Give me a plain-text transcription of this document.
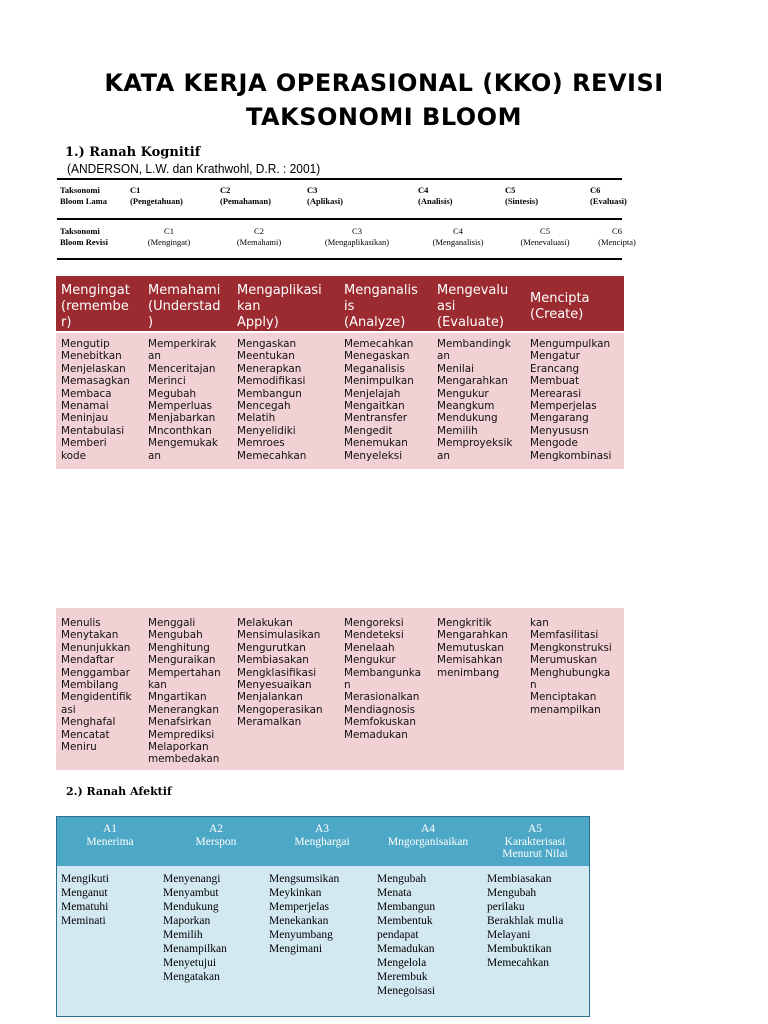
KATA KERJA OPERASIONAL (KKO) REVISI
TAKSONOMI BLOOM
1.) Ranah Kognitif
(ANDERSON, L.W. dan Krathwohl, D.R. : 2001)
Taksonomi
Bloom Lama
C1
(Pengetahuan)
C2
(Pemahaman)
C3
(Aplikasi)
C4
(Analisis)
C5
(Sintesis)
C6
(Evaluasi)
Taksonomi
Bloom Revisi
C1
(Mengingat)
C2
(Memahami)
C3
(Mengaplikasikan)
C4
(Menganalisis)
C5
(Menevaluasi)
C6
(Mencipta)
Mengingat
(remembe
r)
Memahami
(Understad
)
Mengaplikasi
kan
Apply)
Menganalis
is
(Analyze)
Mengevalu
asi
(Evaluate)
Mencipta
(Create)
Mengutip
Menebitkan
Menjelaskan
Memasagkan
Membaca
Menamai
Meninjau
Mentabulasi
Memberi
kode
Memperkirak
an
Menceritajan
Merinci
Megubah
Memperluas
Menjabarkan
Mnconthkan
Mengemukak
an
Mengaskan
Meentukan
Menerapkan
Memodifikasi
Membangun
Mencegah
Melatih
Menyelidiki
Memroes
Memecahkan
Memecahkan
Menegaskan
Meganalisis
Menimpulkan
Menjelajah
Mengaitkan
Mentransfer
Mengedit
Menemukan
Menyeleksi
Membandingk
an
Menilai
Mengarahkan
Mengukur
Meangkum
Mendukung
Memilih
Memproyeksik
an
Mengumpulkan
Mengatur
Erancang
Membuat
Merearasi
Memperjelas
Mengarang
Menyususn
Mengode
Mengkombinasi
Menulis
Menytakan
Menunjukkan
Mendaftar
Menggambar
Membilang
Mengidentifik
asi
Menghafal
Mencatat
Meniru
Menggali
Mengubah
Menghitung
Menguraikan
Mempertahan
kan
Mngartikan
Menerangkan
Menafsirkan
Memprediksi
Melaporkan
membedakan
Melakukan
Mensimulasikan
Mengurutkan
Membiasakan
Mengklasifikasi
Menyesuaikan
Menjalankan
Mengoperasikan
Meramalkan
Mengoreksi
Mendeteksi
Menelaah
Mengukur
Membangunka
n
Merasionalkan
Mendiagnosis
Memfokuskan
Memadukan
Mengkritik
Mengarahkan
Memutuskan
Memisahkan
menimbang
kan
Memfasilitasi
Mengkonstruksi
Merumuskan
Menghubungka
n
Menciptakan
menampilkan
2.) Ranah Afektif
A1
Menerima
A2
Merspon
A3
Menghargai
A4
Mngorganisaikan
A5
Karakterisasi
Menurut Nilai
Mengikuti
Menganut
Mematuhi
Meminati
Menyenangi
Menyambut
Mendukung
Maporkan
Memilih
Menampilkan
Menyetujui
Mengatakan
Mengsumsikan
Meykinkan
Memperjelas
Menekankan
Menyumbang
Mengimani
Mengubah
Menata
Membangun
Membentuk
pendapat
Memadukan
Mengelola
Merembuk
Menegoisasi
Membiasakan
Mengubah
perilaku
Berakhlak mulia
Melayani
Membuktikan
Memecahkan
